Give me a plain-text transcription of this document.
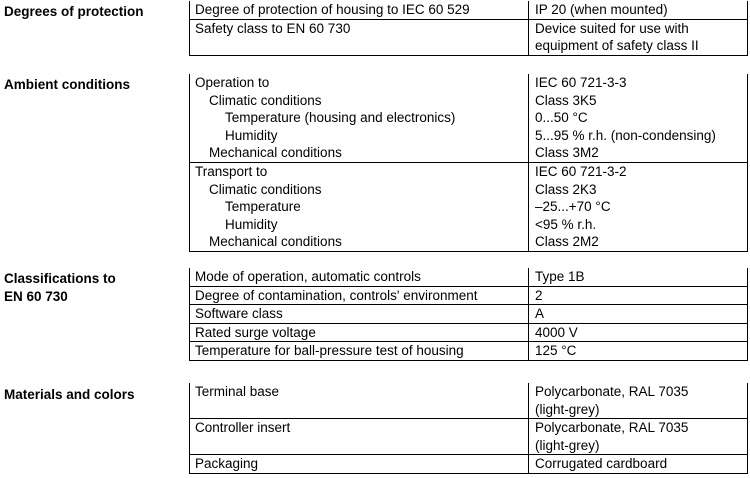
Degrees of protection	Degree of protection of housing to IEC 60 529	IP 20 (when mounted)
Safety class to EN 60 730	Device suited for use with
equipment of safety class II
Ambient conditions	Operation to	IEC 60 721-3-3
Climatic conditions	Class 3K5
Temperature (housing and electronics)	0...50 °C
Humidity	5...95 % r.h. (non-condensing)
Mechanical conditions	Class 3M2
Transport to	IEC 60 721-3-2
Climatic conditions	Class 2K3
Temperature	–25...+70 °C
Humidity	<95 % r.h.
Mechanical conditions	Class 2M2
Classifications to
EN 60 730
Mode of operation, automatic controls	Type 1B
Degree of contamination, controls' environment	2
Software class	A
Rated surge voltage	4000 V
Temperature for ball-pressure test of housing	125 °C
Materials and colors	Terminal base	Polycarbonate, RAL 7035
(light-grey)
Controller insert	Polycarbonate, RAL 7035
(light-grey)
Packaging	Corrugated cardboard
